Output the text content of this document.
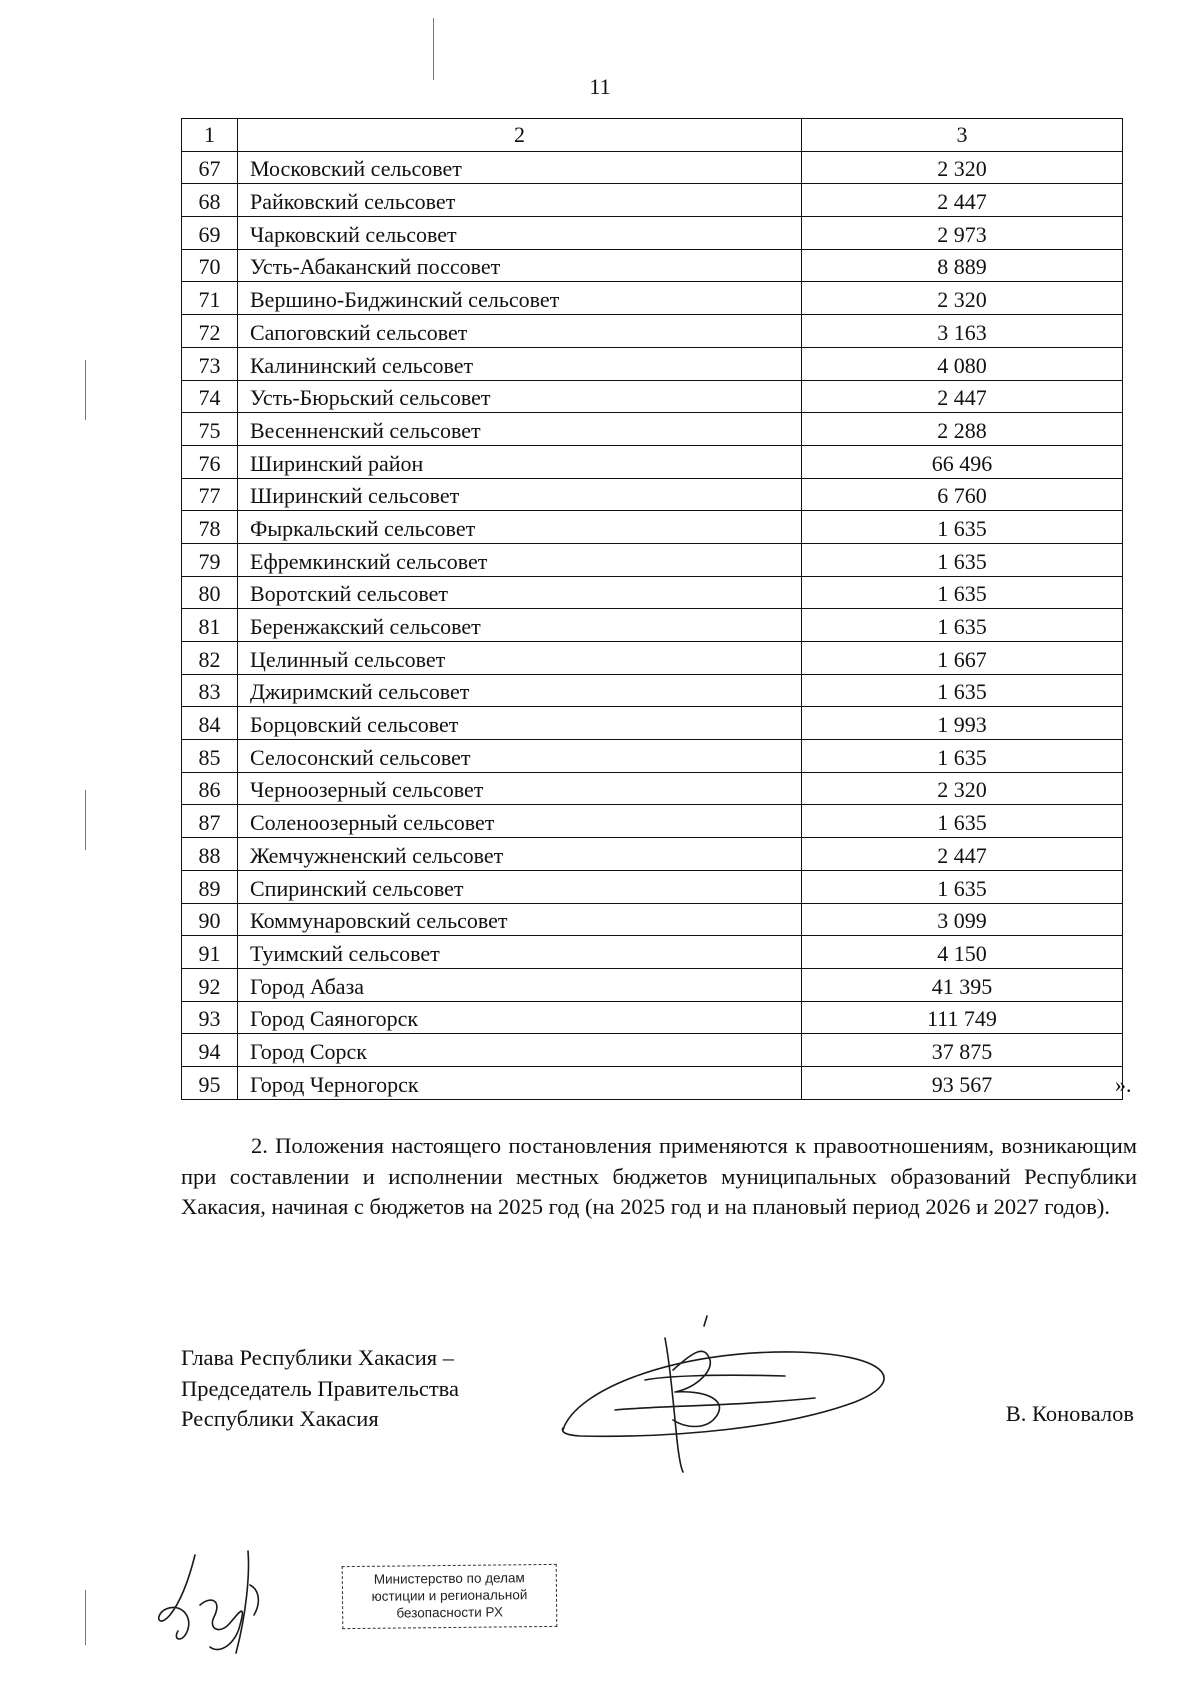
11
1	2	3
67	Московский сельсовет	2 320
68	Райковский сельсовет	2 447
69	Чарковский сельсовет	2 973
70	Усть-Абаканский поссовет	8 889
71	Вершино-Биджинский сельсовет	2 320
72	Сапоговский сельсовет	3 163
73	Калининский сельсовет	4 080
74	Усть-Бюрьский сельсовет	2 447
75	Весенненский сельсовет	2 288
76	Ширинский район	66 496
77	Ширинский сельсовет	6 760
78	Фыркальский сельсовет	1 635
79	Ефремкинский сельсовет	1 635
80	Воротский сельсовет	1 635
81	Беренжакский сельсовет	1 635
82	Целинный сельсовет	1 667
83	Джиримский сельсовет	1 635
84	Борцовский сельсовет	1 993
85	Селосонский сельсовет	1 635
86	Черноозерный сельсовет	2 320
87	Соленоозерный сельсовет	1 635
88	Жемчужненский сельсовет	2 447
89	Спиринский сельсовет	1 635
90	Коммунаровский сельсовет	3 099
91	Туимский сельсовет	4 150
92	Город Абаза	41 395
93	Город Саяногорск	111 749
94	Город Сорск	37 875
95	Город Черногорск	93 567	».

2. Положения настоящего постановления применяются к правоотношениям, возникающим при составлении и исполнении местных бюджетов муниципальных образований Республики Хакасия, начиная с бюджетов на 2025 год (на 2025 год и на плановый период 2026 и 2027 годов).

Глава Республики Хакасия –
Председатель Правительства
Республики Хакасия	В. Коновалов
Министерство по делам
юстиции и региональной
безопасности РХ
